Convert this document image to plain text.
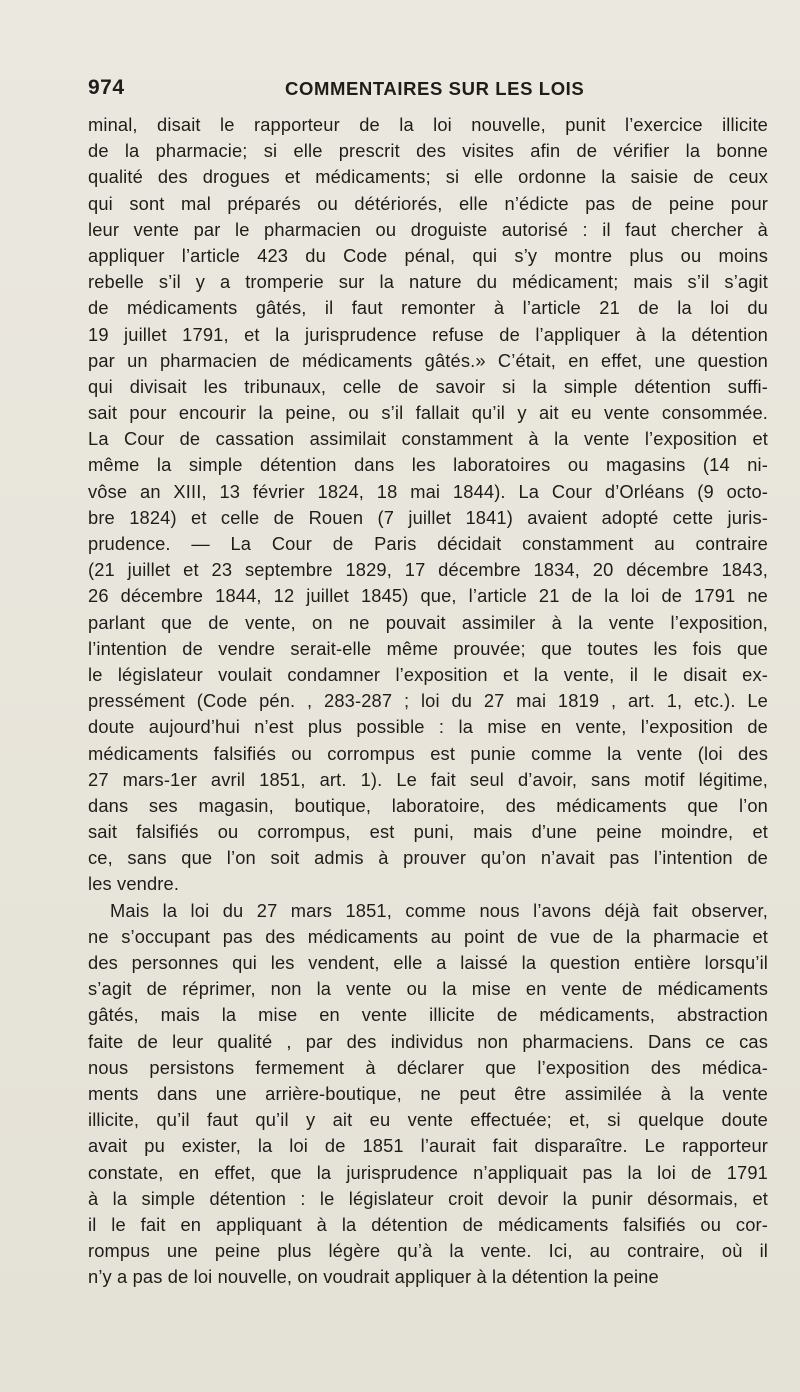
974	COMMENTAIRES SUR LES LOIS
minal, disait le rapporteur de la loi nouvelle, punit l’exercice illicite
de la pharmacie; si elle prescrit des visites afin de vérifier la bonne
qualité des drogues et médicaments; si elle ordonne la saisie de ceux
qui sont mal préparés ou détériorés, elle n’édicte pas de peine pour
leur vente par le pharmacien ou droguiste autorisé : il faut chercher à
appliquer l’article 423 du Code pénal, qui s’y montre plus ou moins
rebelle s’il y a tromperie sur la nature du médicament; mais s’il s’agit
de médicaments gâtés, il faut remonter à l’article 21 de la loi du
19 juillet 1791, et la jurisprudence refuse de l’appliquer à la détention
par un pharmacien de médicaments gâtés.» C’était, en effet, une question
qui divisait les tribunaux, celle de savoir si la simple détention suffi-
sait pour encourir la peine, ou s’il fallait qu’il y ait eu vente consommée.
La Cour de cassation assimilait constamment à la vente l’exposition et
même la simple détention dans les laboratoires ou magasins (14 ni-
vôse an XIII, 13 février 1824, 18 mai 1844). La Cour d’Orléans (9 octo-
bre 1824) et celle de Rouen (7 juillet 1841) avaient adopté cette juris-
prudence. — La Cour de Paris décidait constamment au contraire
(21 juillet et 23 septembre 1829, 17 décembre 1834, 20 décembre 1843,
26 décembre 1844, 12 juillet 1845) que, l’article 21 de la loi de 1791 ne
parlant que de vente, on ne pouvait assimiler à la vente l’exposition,
l’intention de vendre serait-elle même prouvée; que toutes les fois que
le législateur voulait condamner l’exposition et la vente, il le disait ex-
pressément (Code pén. , 283-287 ; loi du 27 mai 1819 , art. 1, etc.). Le
doute aujourd’hui n’est plus possible : la mise en vente, l’exposition de
médicaments falsifiés ou corrompus est punie comme la vente (loi des
27 mars-1er avril 1851, art. 1). Le fait seul d’avoir, sans motif légitime,
dans ses magasin, boutique, laboratoire, des médicaments que l’on
sait falsifiés ou corrompus, est puni, mais d’une peine moindre, et
ce, sans que l’on soit admis à prouver qu’on n’avait pas l’intention de
les vendre.
Mais la loi du 27 mars 1851, comme nous l’avons déjà fait observer,
ne s’occupant pas des médicaments au point de vue de la pharmacie et
des personnes qui les vendent, elle a laissé la question entière lorsqu’il
s’agit de réprimer, non la vente ou la mise en vente de médicaments
gâtés, mais la mise en vente illicite de médicaments, abstraction
faite de leur qualité , par des individus non pharmaciens. Dans ce cas
nous persistons fermement à déclarer que l’exposition des médica-
ments dans une arrière-boutique, ne peut être assimilée à la vente
illicite, qu’il faut qu’il y ait eu vente effectuée; et, si quelque doute
avait pu exister, la loi de 1851 l’aurait fait disparaître. Le rapporteur
constate, en effet, que la jurisprudence n’appliquait pas la loi de 1791
à la simple détention : le législateur croit devoir la punir désormais, et
il le fait en appliquant à la détention de médicaments falsifiés ou cor-
rompus une peine plus légère qu’à la vente. Ici, au contraire, où il
n’y a pas de loi nouvelle, on voudrait appliquer à la détention la peine
